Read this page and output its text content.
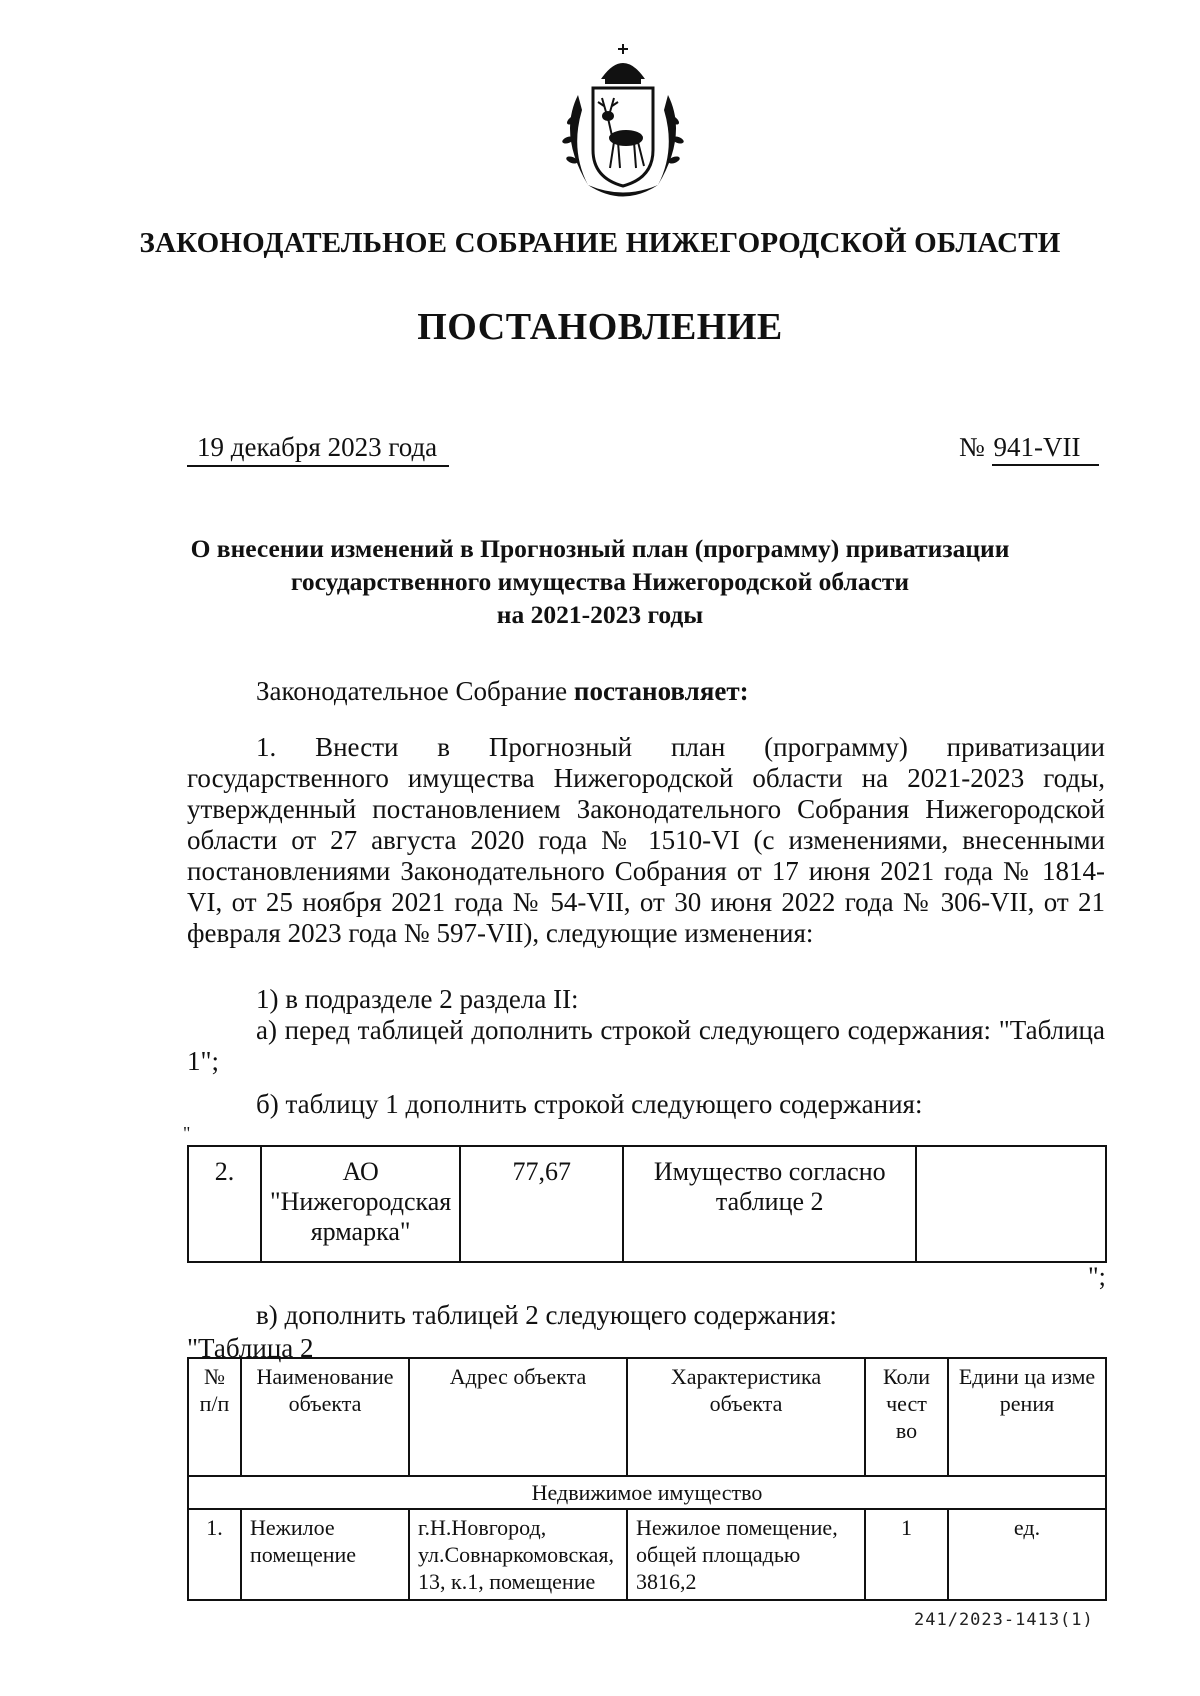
ЗАКОНОДАТЕЛЬНОЕ СОБРАНИЕ НИЖЕГОРОДСКОЙ ОБЛАСТИ
ПОСТАНОВЛЕНИЕ
19 декабря 2023 года	№ 941-VII
О внесении изменений в Прогнозный план (программу) приватизации
государственного имущества Нижегородской области
на 2021-2023 годы
Законодательное Собрание постановляет:
1. Внести в Прогнозный план (программу) приватизации государственного имущества Нижегородской области на 2021-2023 годы, утвержденный постановлением Законодательного Собрания Нижегородской области от 27 августа 2020 года № 1510-VI (с изменениями, внесенными постановлениями Законодательного Собрания от 17 июня 2021 года № 1814-VI, от 25 ноября 2021 года № 54-VII, от 30 июня 2022 года № 306-VII, от 21 февраля 2023 года № 597-VII), следующие изменения:
1) в подразделе 2 раздела II:
а) перед таблицей дополнить строкой следующего содержания: "Таблица 1";
б) таблицу 1 дополнить строкой следующего содержания:
"
2.	АО "Нижегородская ярмарка"	77,67	Имущество согласно таблице 2	
";
в) дополнить таблицей 2 следующего содержания:
"Таблица 2
№ п/п	Наименование объекта	Адрес объекта	Характеристика объекта	Коли чест во	Едини ца изме рения
Недвижимое имущество					
1.	Нежилое помещение	г.Н.Новгород, ул.Совнаркомовская, 13, к.1, помещение	Нежилое помещение, общей площадью 3816,2	1	ед.
241/2023-1413(1)
